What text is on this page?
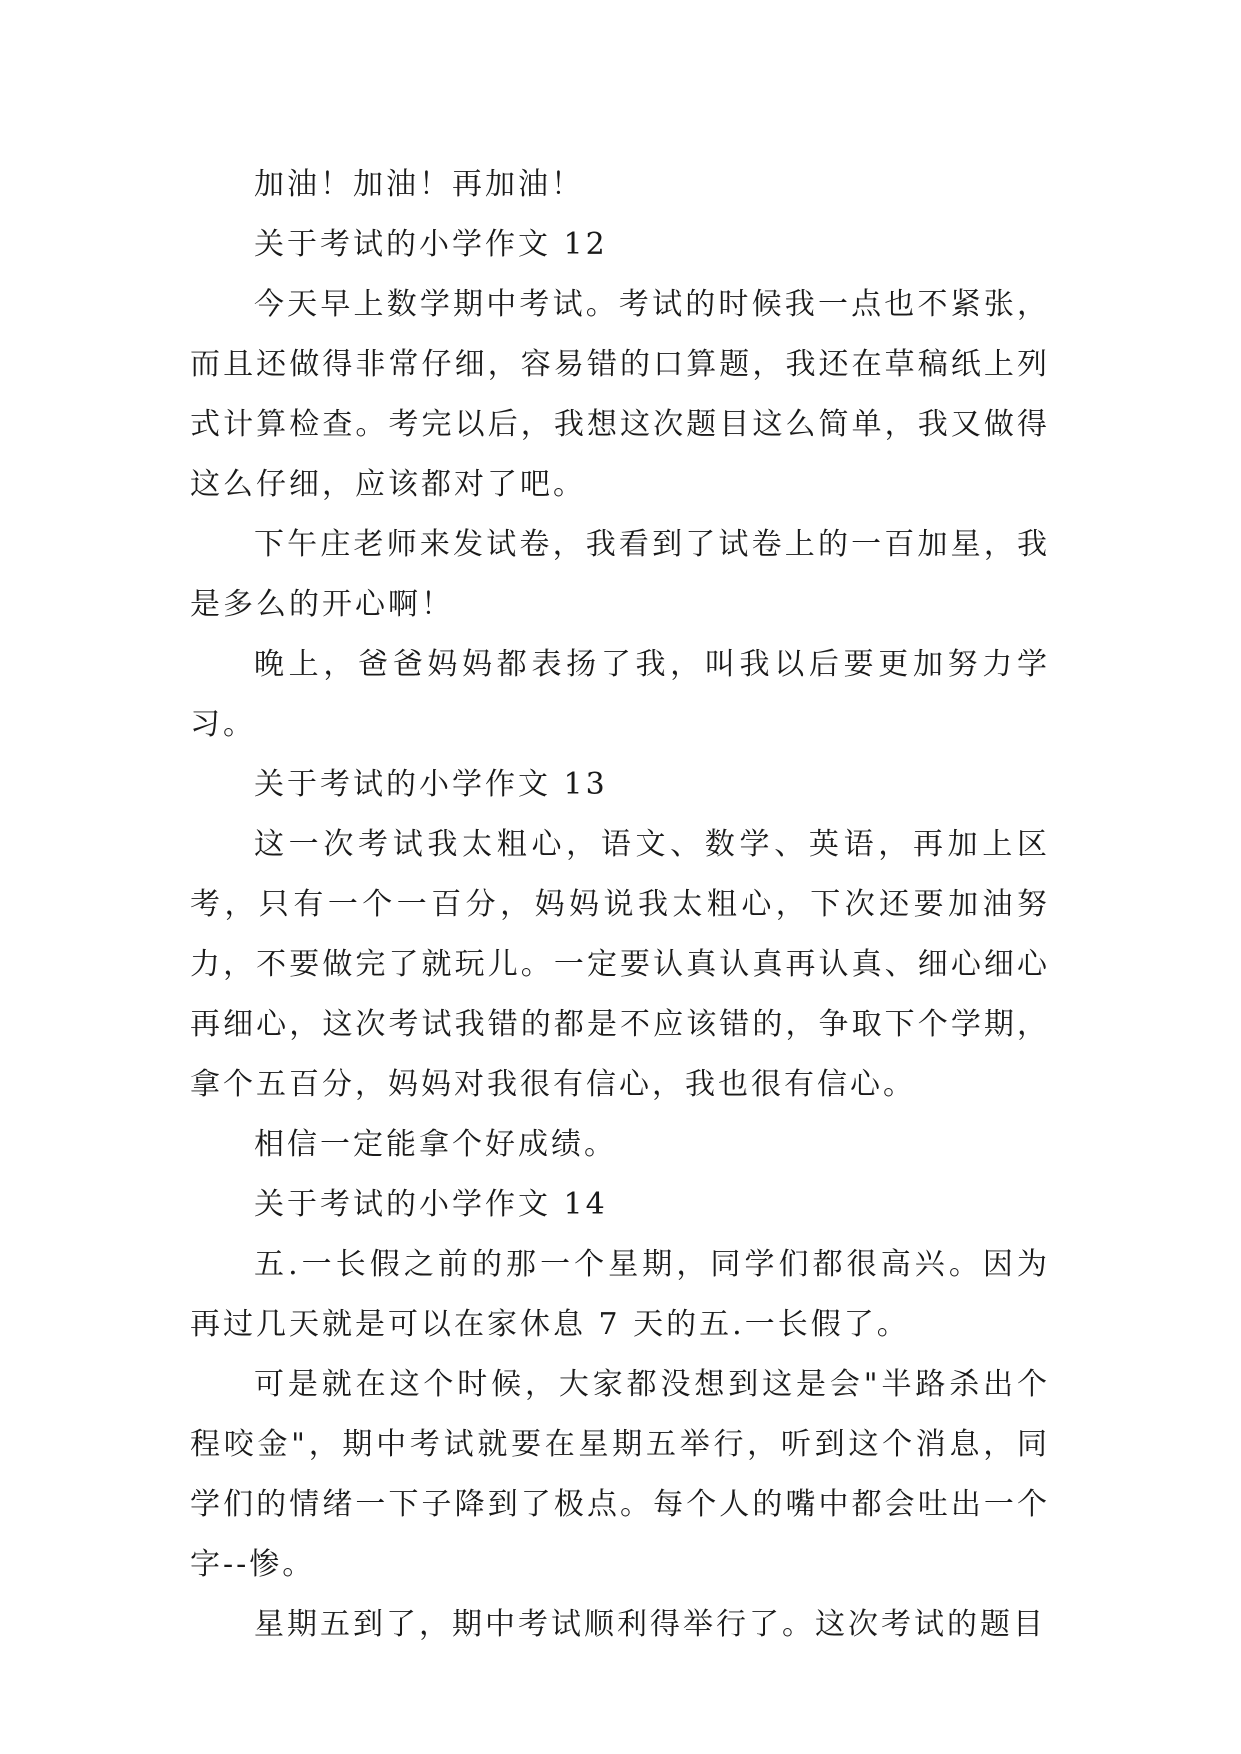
加油！加油！再加油！

关于考试的小学作文 12

今天早上数学期中考试。考试的时候我一点也不紧张，而且还做得非常仔细，容易错的口算题，我还在草稿纸上列式计算检查。考完以后，我想这次题目这么简单，我又做得这么仔细，应该都对了吧。

下午庄老师来发试卷，我看到了试卷上的一百加星，我是多么的开心啊！

晚上，爸爸妈妈都表扬了我，叫我以后要更加努力学习。

关于考试的小学作文 13

这一次考试我太粗心，语文、数学、英语，再加上区考，只有一个一百分，妈妈说我太粗心，下次还要加油努力，不要做完了就玩儿。一定要认真认真再认真、细心细心再细心，这次考试我错的都是不应该错的，争取下个学期，拿个五百分，妈妈对我很有信心，我也很有信心。

相信一定能拿个好成绩。

关于考试的小学作文 14

五.一长假之前的那一个星期，同学们都很高兴。因为再过几天就是可以在家休息 7 天的五.一长假了。

可是就在这个时候，大家都没想到这是会"半路杀出个程咬金"，期中考试就要在星期五举行，听到这个消息，同学们的情绪一下子降到了极点。每个人的嘴中都会吐出一个字--惨。

星期五到了，期中考试顺利得举行了。这次考试的题目
